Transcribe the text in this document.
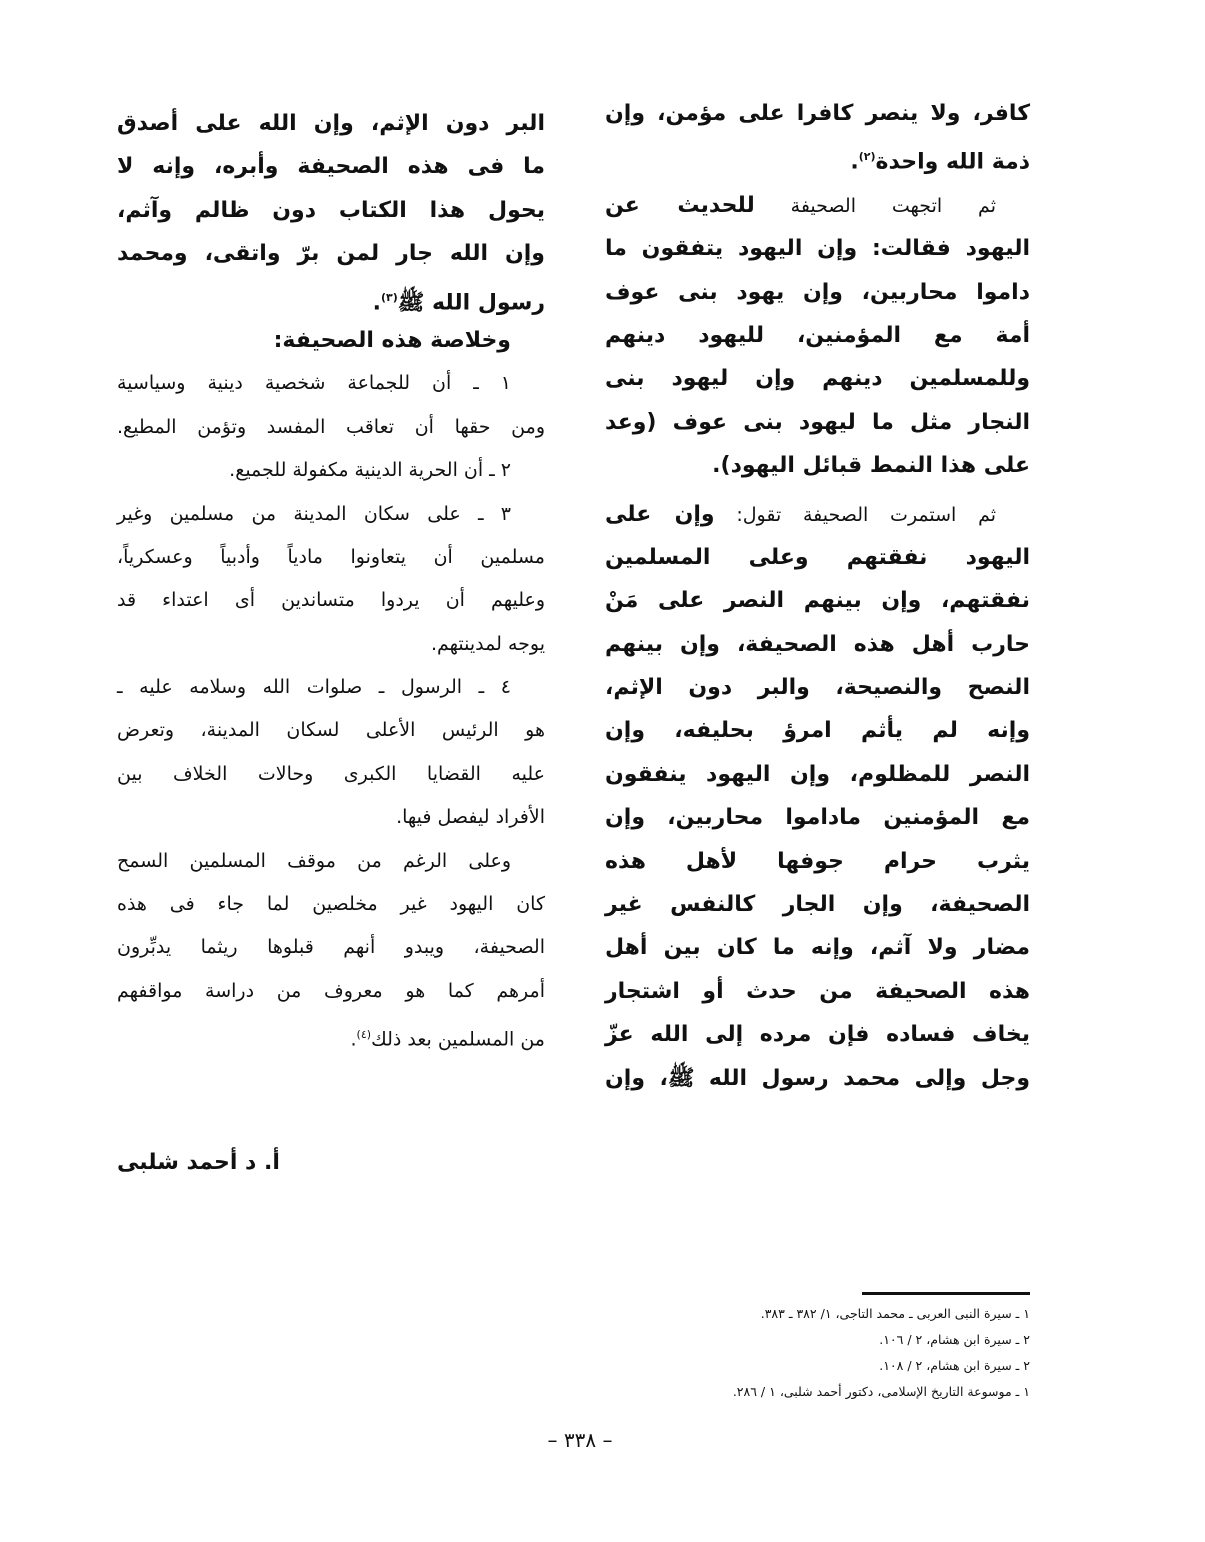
كافر، ولا ينصر كافرا على مؤمن، وإن
ذمة الله واحدة$^{(٢)}$.
ثم اتجهت الصحيفة للحديث عن
اليهود فقالت: وإن اليهود يتفقون ما
داموا محاربين، وإن يهود بنى عوف
أمة مع المؤمنين، لليهود دينهم
وللمسلمين دينهم وإن ليهود بنى
النجار مثل ما ليهود بنى عوف (وعد
على هذا النمط قبائل اليهود).
ثم استمرت الصحيفة تقول: وإن على
اليهود نفقتهم وعلى المسلمين
نفقتهم، وإن بينهم النصر على مَنْ
حارب أهل هذه الصحيفة، وإن بينهم
النصح والنصيحة، والبر دون الإثم،
وإنه لم يأثم امرؤ بحليفه، وإن
النصر للمظلوم، وإن اليهود ينفقون
مع المؤمنين ماداموا محاربين، وإن
يثرب حرام جوفها لأهل هذه
الصحيفة، وإن الجار كالنفس غير
مضار ولا آثم، وإنه ما كان بين أهل
هذه الصحيفة من حدث أو اشتجار
يخاف فساده فإن مرده إلى الله عزّ
وجل وإلى محمد رسول الله ﷺ، وإن
البر دون الإثم، وإن الله على أصدق
ما فى هذه الصحيفة وأبره، وإنه لا
يحول هذا الكتاب دون ظالم وآثم،
وإن الله جار لمن برّ واتقى، ومحمد
رسول الله ﷺ$^{(٣)}$.
وخلاصة هذه الصحيفة:
١ ـ أن للجماعة شخصية دينية وسياسية
ومن حقها أن تعاقب المفسد وتؤمن المطيع.
٢ ـ أن الحرية الدينية مكفولة للجميع.
٣ ـ على سكان المدينة من مسلمين وغير
مسلمين أن يتعاونوا مادياً وأدبياً وعسكرياً،
وعليهم أن يردوا متساندين أى اعتداء قد
يوجه لمدينتهم.
٤ ـ الرسول ـ صلوات الله وسلامه عليه ـ
هو الرئيس الأعلى لسكان المدينة، وتعرض
عليه القضايا الكبرى وحالات الخلاف بين
الأفراد ليفصل فيها.
وعلى الرغم من موقف المسلمين السمح
كان اليهود غير مخلصين لما جاء فى هذه
الصحيفة، ويبدو أنهم قبلوها ريثما يدبِّرون
أمرهم كما هو معروف من دراسة مواقفهم
من المسلمين بعد ذلك$^{(٤)}$.
أ. د أحمد شلبى
١ ـ سيرة النبى العربى ـ محمد التاجى، ١/ ٣٨٢ ـ ٣٨٣.
٢ ـ سيرة ابن هشام، ٢ / ١٠٦.
٢ ـ سيرة ابن هشام، ٢ / ١٠٨.
١ ـ موسوعة التاريخ الإسلامى، دكتور أحمد شلبى، ١ / ٢٨٦.
– ٣٣٨ –
